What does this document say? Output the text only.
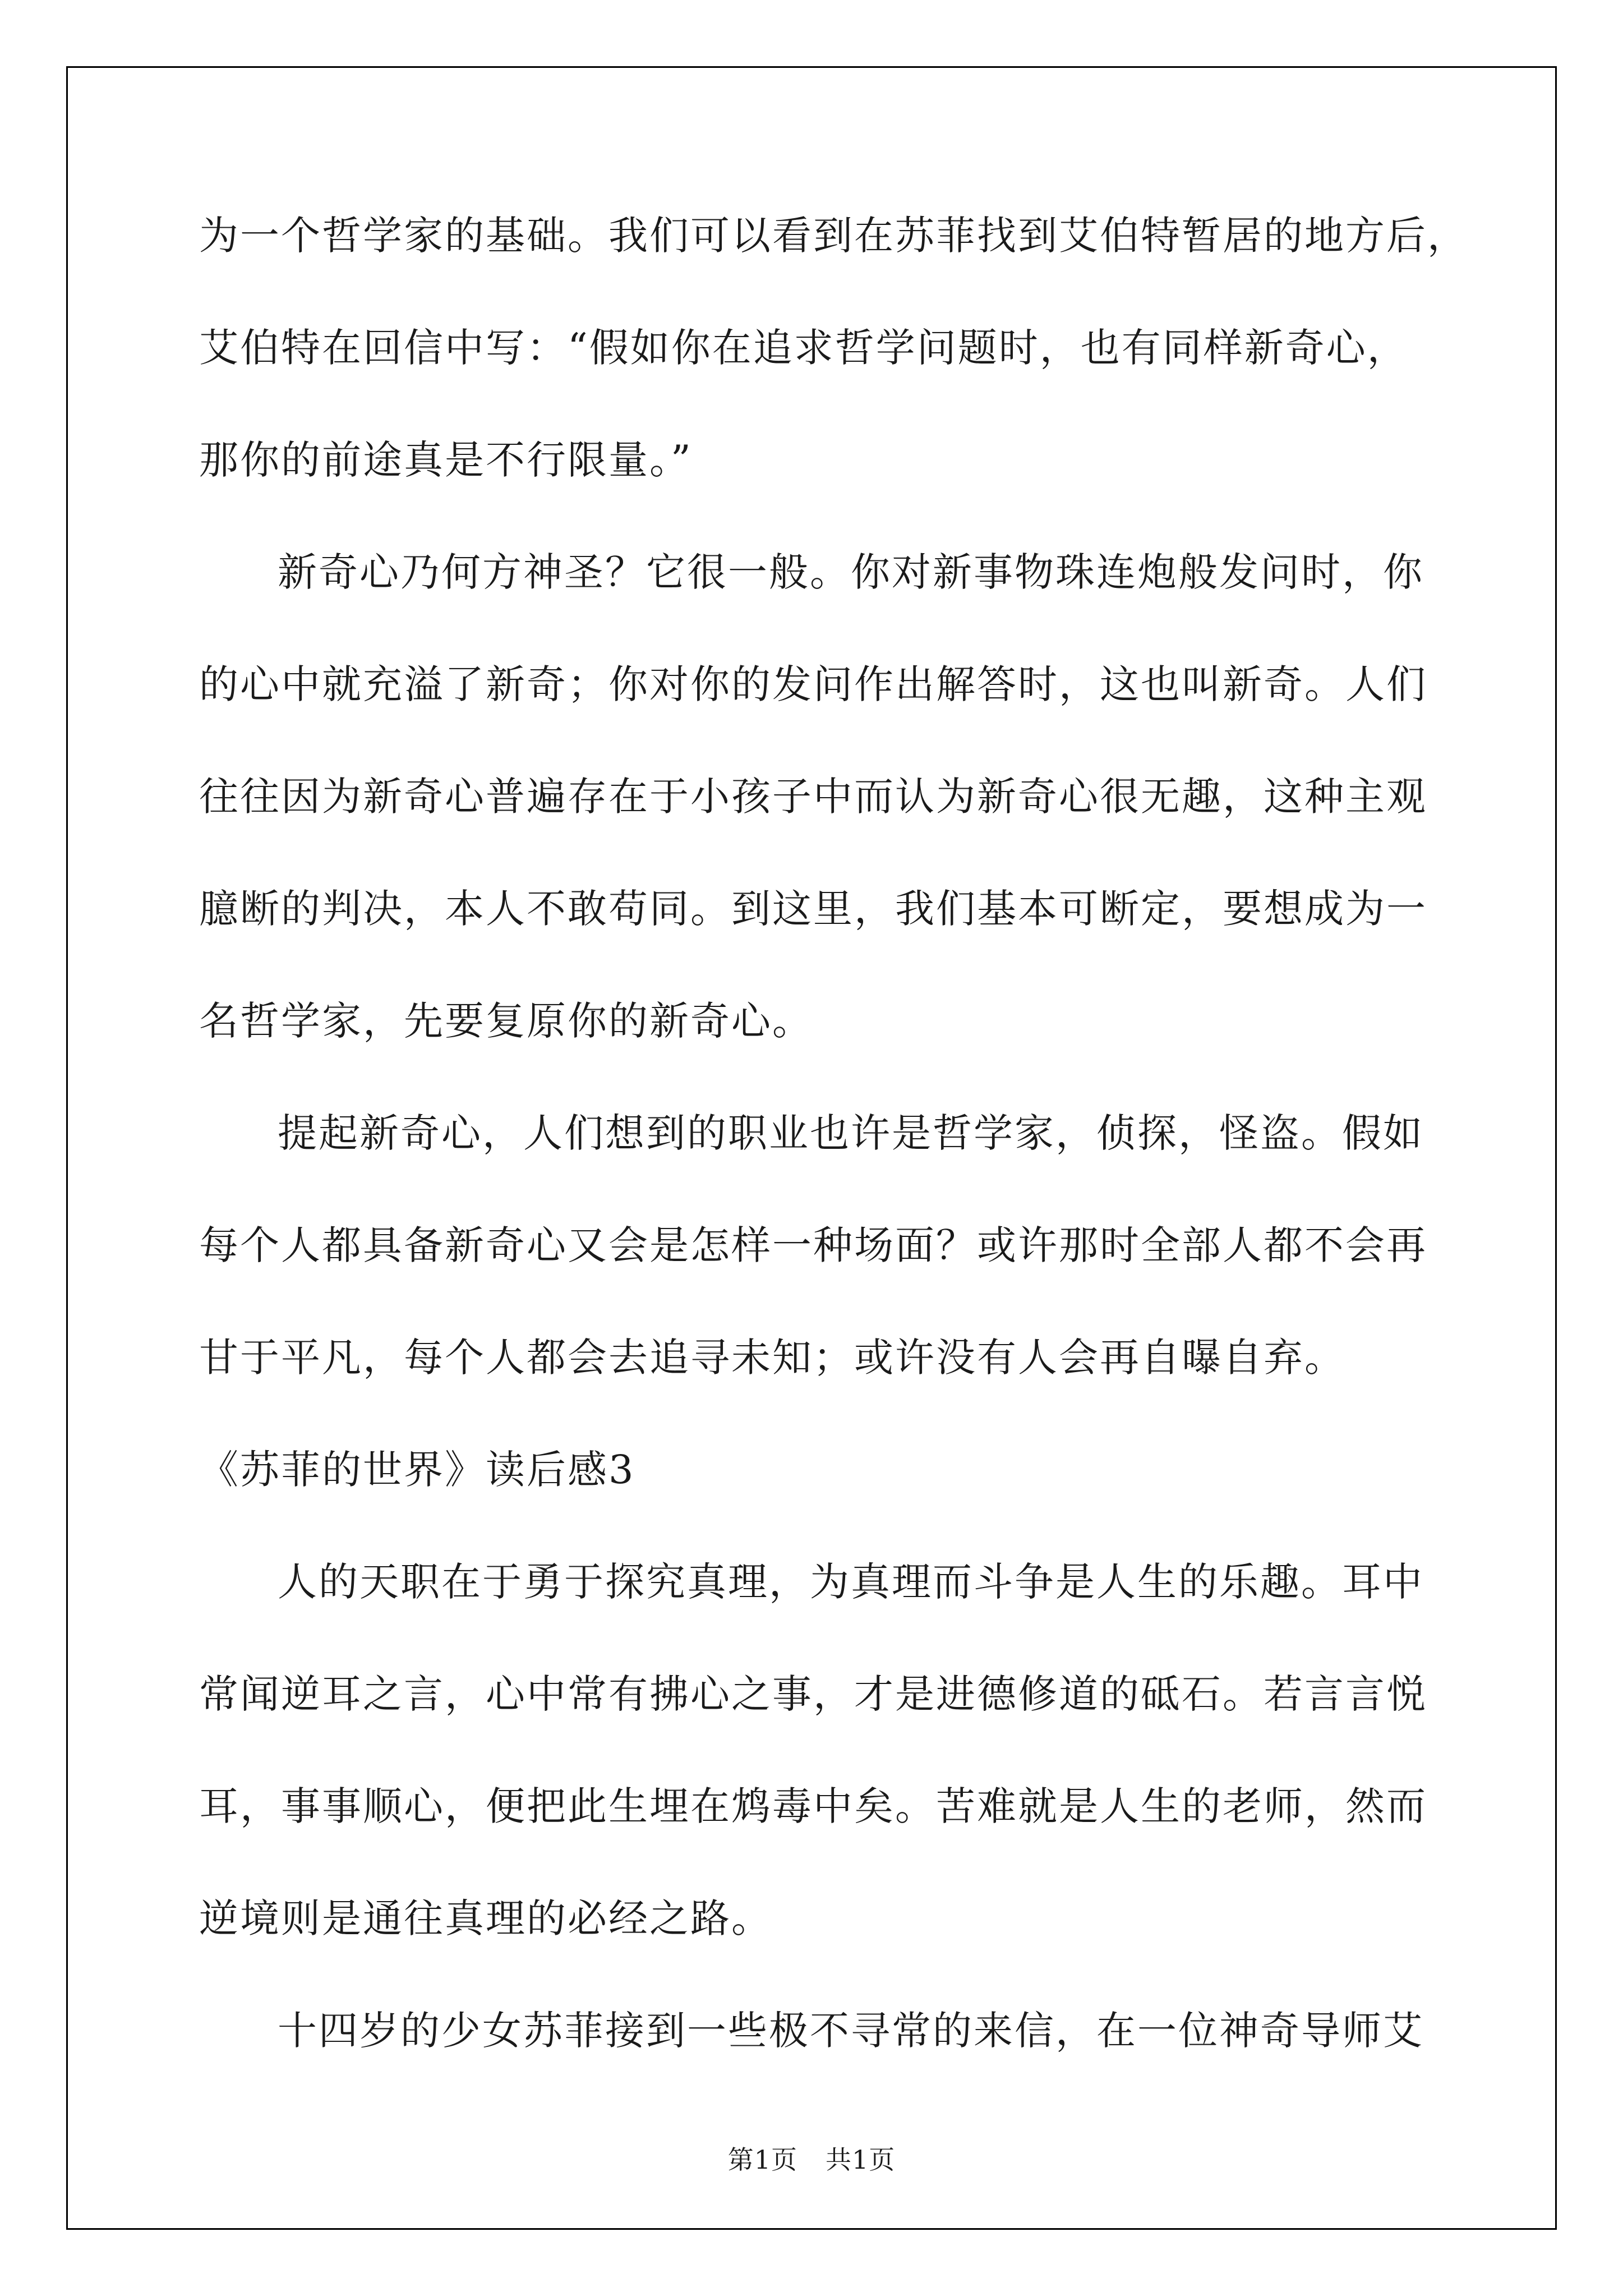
为一个哲学家的基础。我们可以看到在苏菲找到艾伯特暂居的地方后，
艾伯特在回信中写：“假如你在追求哲学问题时，也有同样新奇心，
那你的前途真是不行限量。”
新奇心乃何方神圣？它很一般。你对新事物珠连炮般发问时，你
的心中就充溢了新奇；你对你的发问作出解答时，这也叫新奇。人们
往往因为新奇心普遍存在于小孩子中而认为新奇心很无趣，这种主观
臆断的判决，本人不敢苟同。到这里，我们基本可断定，要想成为一
名哲学家，先要复原你的新奇心。
提起新奇心，人们想到的职业也许是哲学家，侦探，怪盗。假如
每个人都具备新奇心又会是怎样一种场面？或许那时全部人都不会再
甘于平凡，每个人都会去追寻未知；或许没有人会再自曝自弃。
《苏菲的世界》读后感3
人的天职在于勇于探究真理，为真理而斗争是人生的乐趣。耳中
常闻逆耳之言，心中常有拂心之事，才是进德修道的砥石。若言言悦
耳，事事顺心，便把此生埋在鸩毒中矣。苦难就是人生的老师，然而
逆境则是通往真理的必经之路。
十四岁的少女苏菲接到一些极不寻常的来信，在一位神奇导师艾
第1页 共1页
